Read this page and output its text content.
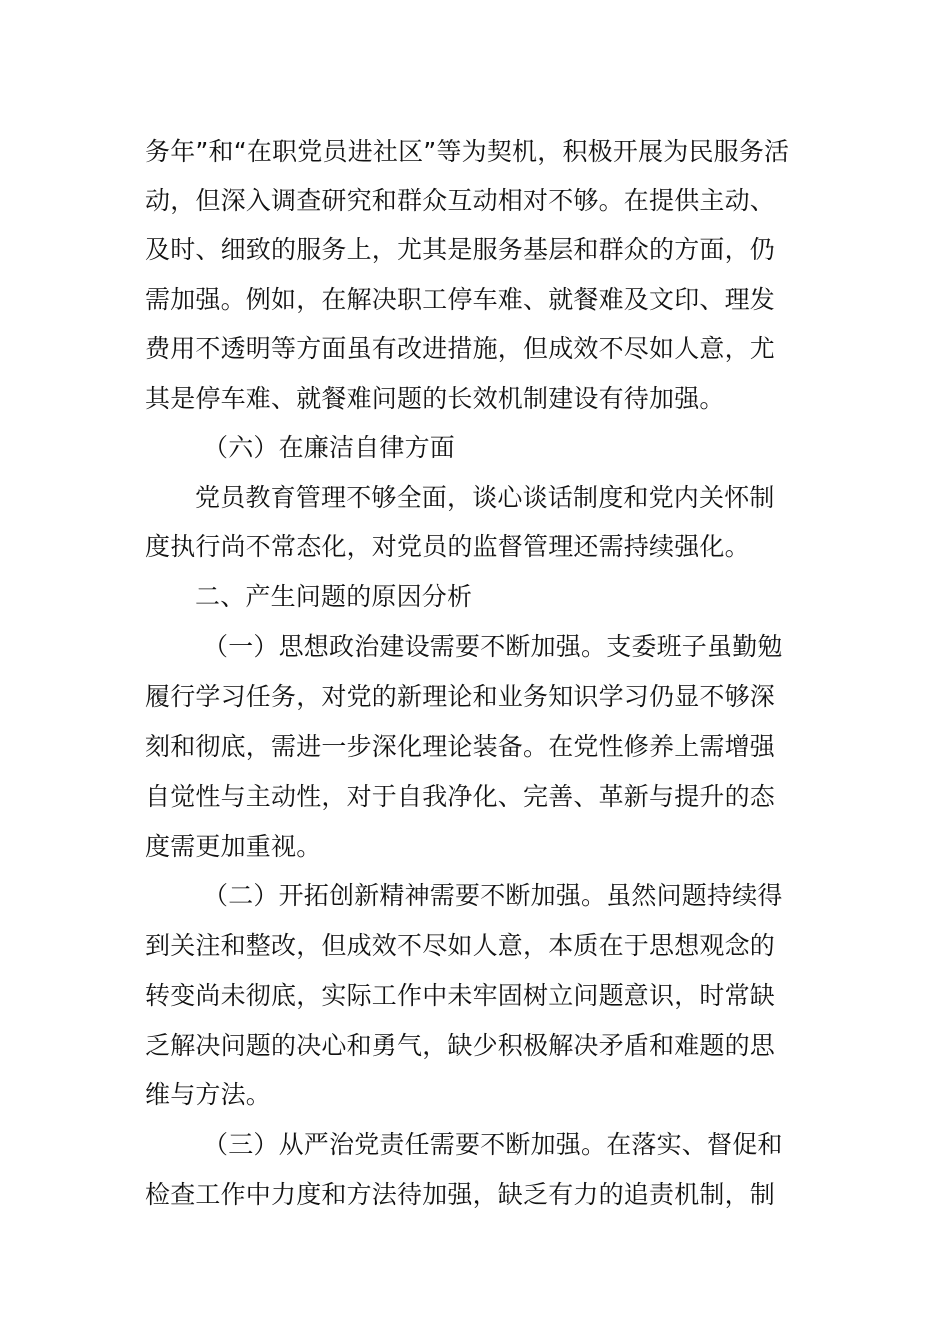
务年”和“在职党员进社区”等为契机，积极开展为民服务活
动，但深入调查研究和群众互动相对不够。在提供主动、
及时、细致的服务上，尤其是服务基层和群众的方面，仍
需加强。例如，在解决职工停车难、就餐难及文印、理发
费用不透明等方面虽有改进措施，但成效不尽如人意，尤
其是停车难、就餐难问题的长效机制建设有待加强。
（六）在廉洁自律方面
党员教育管理不够全面，谈心谈话制度和党内关怀制
度执行尚不常态化，对党员的监督管理还需持续强化。
二、产生问题的原因分析
（一）思想政治建设需要不断加强。支委班子虽勤勉
履行学习任务，对党的新理论和业务知识学习仍显不够深
刻和彻底，需进一步深化理论装备。在党性修养上需增强
自觉性与主动性，对于自我净化、完善、革新与提升的态
度需更加重视。
（二）开拓创新精神需要不断加强。虽然问题持续得
到关注和整改，但成效不尽如人意，本质在于思想观念的
转变尚未彻底，实际工作中未牢固树立问题意识，时常缺
乏解决问题的决心和勇气，缺少积极解决矛盾和难题的思
维与方法。
（三）从严治党责任需要不断加强。在落实、督促和
检查工作中力度和方法待加强，缺乏有力的追责机制，制
